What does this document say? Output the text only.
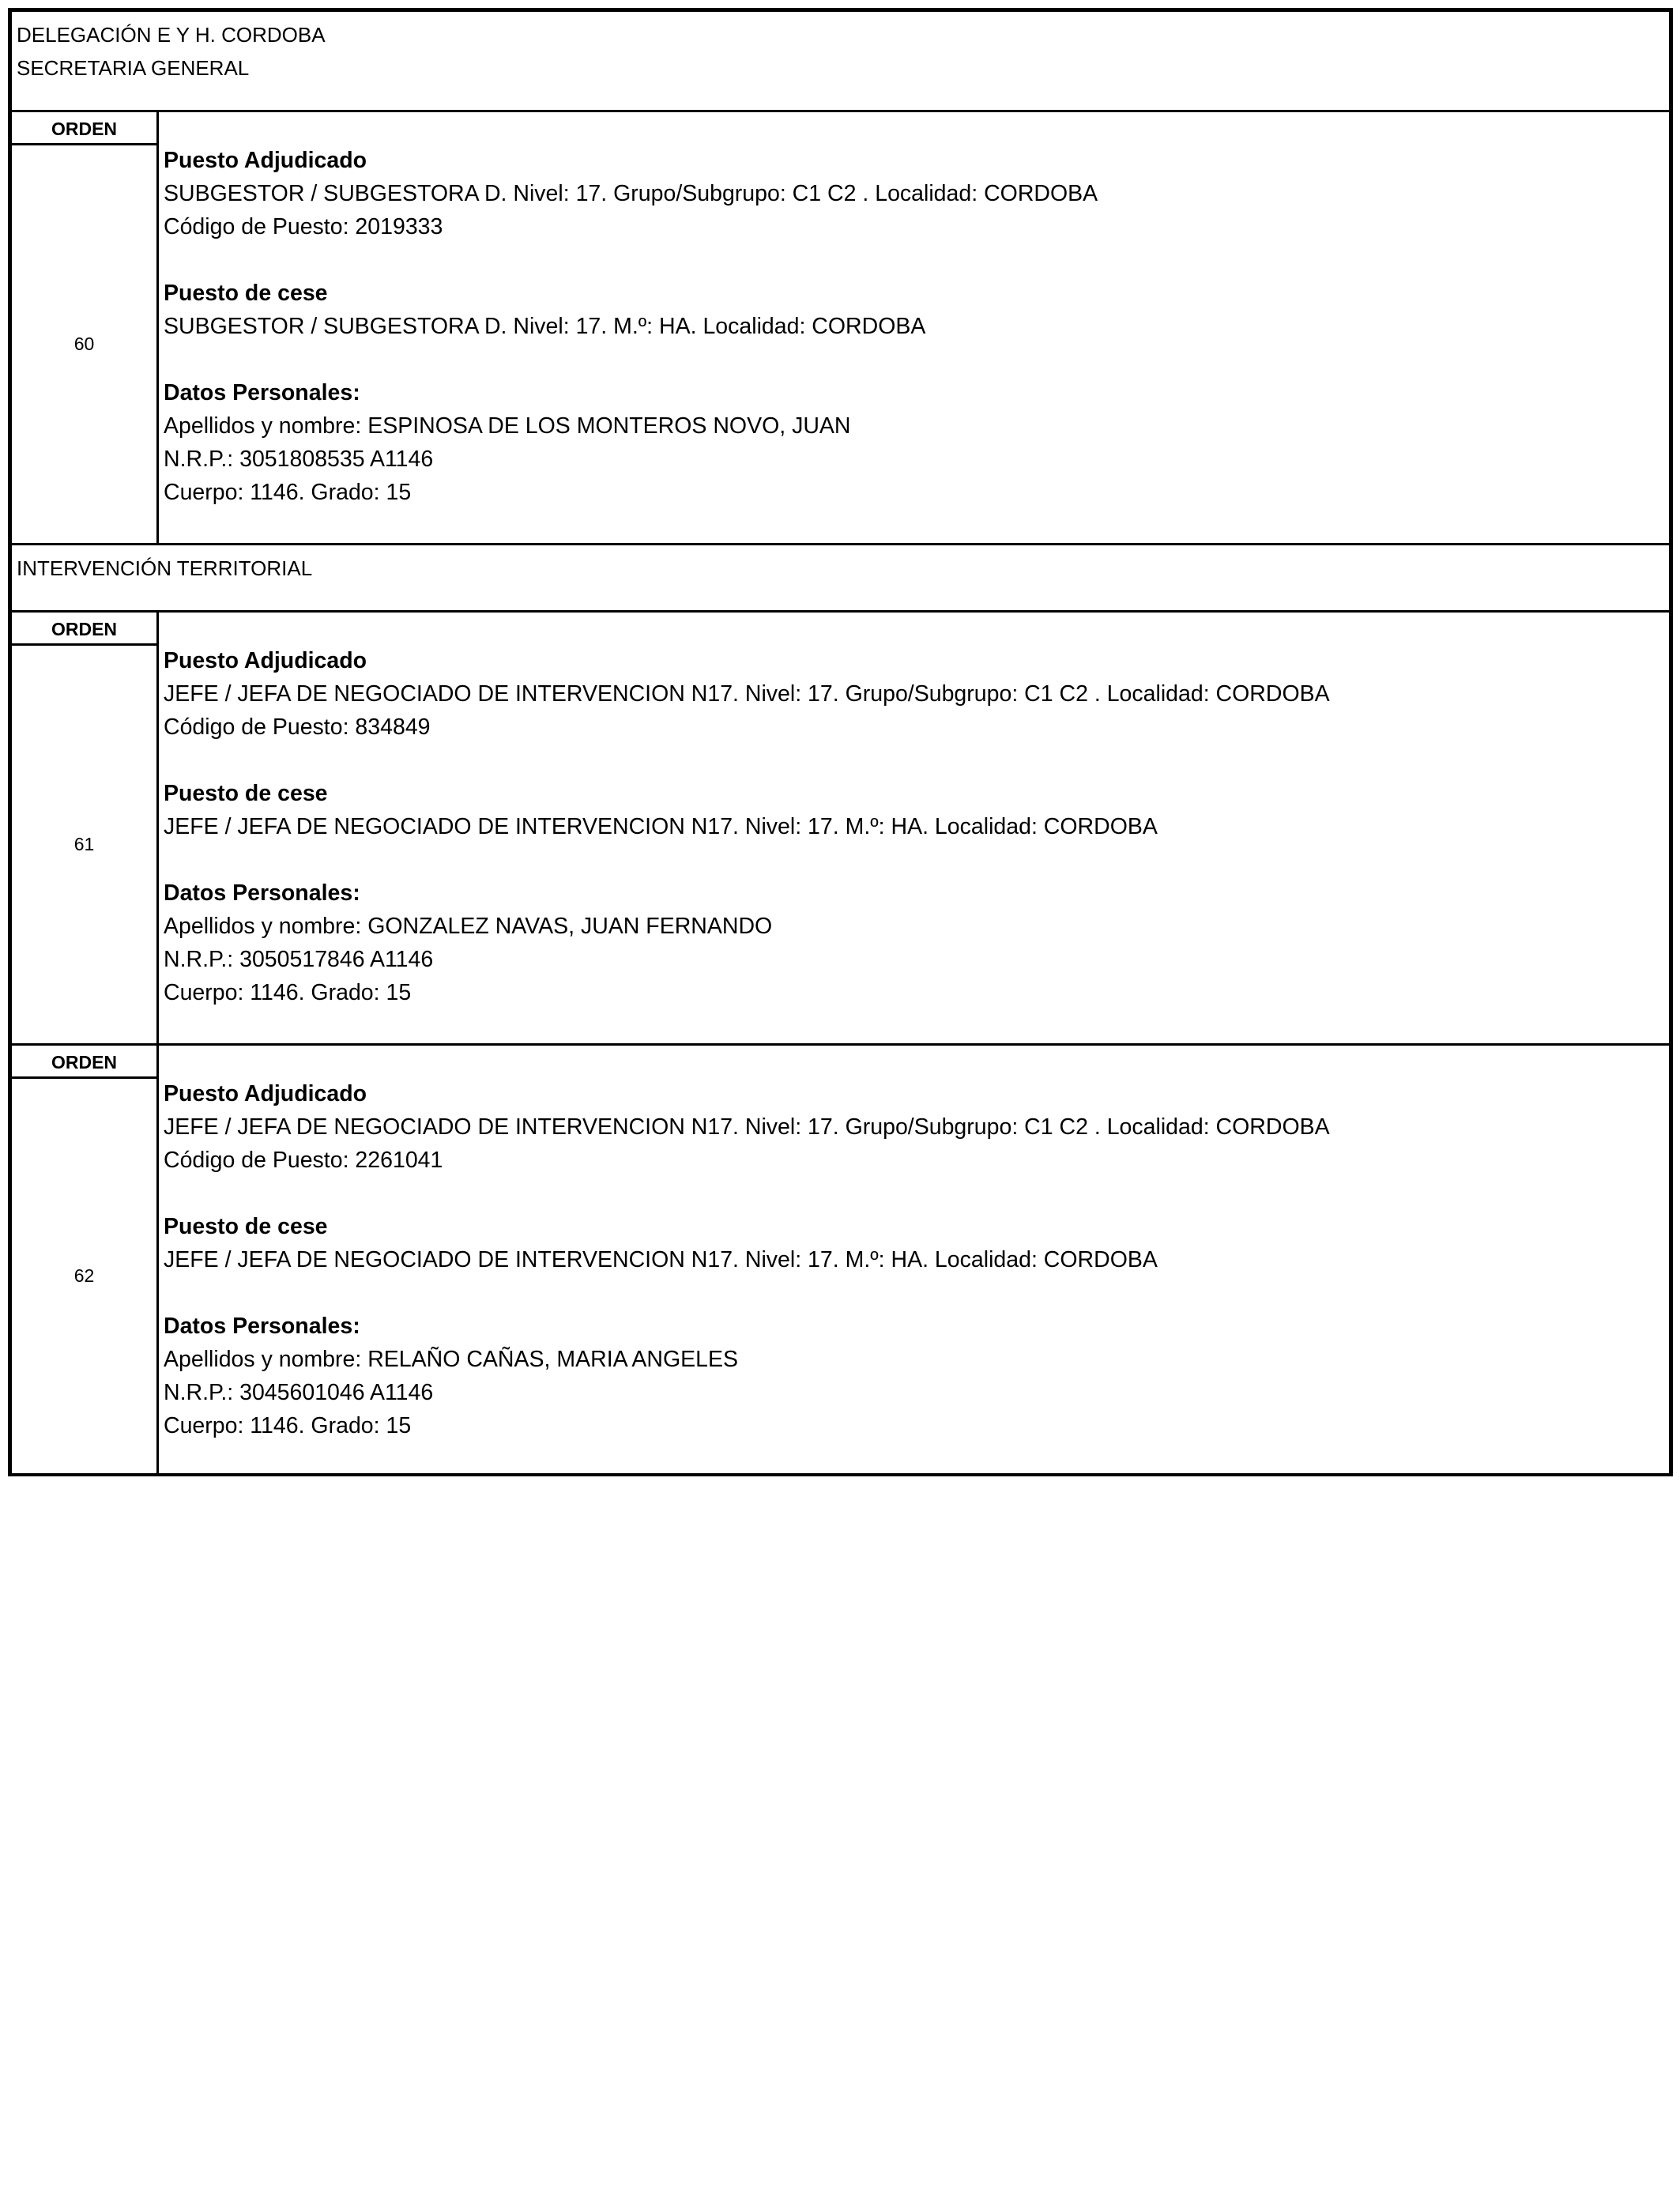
DELEGACIÓN E Y H. CORDOBA
SECRETARIA GENERAL
ORDEN
60
Puesto Adjudicado
SUBGESTOR / SUBGESTORA D. Nivel: 17. Grupo/Subgrupo: C1 C2 . Localidad: CORDOBA
Código de Puesto: 2019333
Puesto de cese
SUBGESTOR / SUBGESTORA D. Nivel: 17. M.º: HA. Localidad: CORDOBA
Datos Personales:
Apellidos y nombre: ESPINOSA DE LOS MONTEROS NOVO, JUAN
N.R.P.: 3051808535 A1146
Cuerpo: 1146. Grado: 15
INTERVENCIÓN TERRITORIAL
ORDEN
61
Puesto Adjudicado
JEFE / JEFA DE NEGOCIADO DE INTERVENCION N17. Nivel: 17. Grupo/Subgrupo: C1 C2 . Localidad: CORDOBA
Código de Puesto: 834849
Puesto de cese
JEFE / JEFA DE NEGOCIADO DE INTERVENCION N17. Nivel: 17. M.º: HA. Localidad: CORDOBA
Datos Personales:
Apellidos y nombre: GONZALEZ NAVAS, JUAN FERNANDO
N.R.P.: 3050517846 A1146
Cuerpo: 1146. Grado: 15
ORDEN
62
Puesto Adjudicado
JEFE / JEFA DE NEGOCIADO DE INTERVENCION N17. Nivel: 17. Grupo/Subgrupo: C1 C2 . Localidad: CORDOBA
Código de Puesto: 2261041
Puesto de cese
JEFE / JEFA DE NEGOCIADO DE INTERVENCION N17. Nivel: 17. M.º: HA. Localidad: CORDOBA
Datos Personales:
Apellidos y nombre: RELAÑO CAÑAS, MARIA ANGELES
N.R.P.: 3045601046 A1146
Cuerpo: 1146. Grado: 15
